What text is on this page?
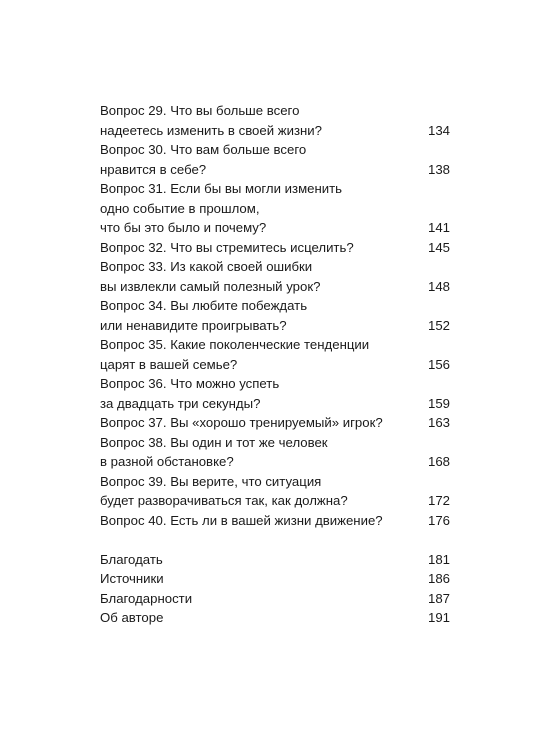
Вопрос 29. Что вы больше всего
надеетесь изменить в своей жизни?	134
Вопрос 30. Что вам больше всего
нравится в себе?	138
Вопрос 31. Если бы вы могли изменить
одно событие в прошлом,
что бы это было и почему?	141
Вопрос 32. Что вы стремитесь исцелить?	145
Вопрос 33. Из какой своей ошибки
вы извлекли самый полезный урок?	148
Вопрос 34. Вы любите побеждать
или ненавидите проигрывать?	152
Вопрос 35. Какие поколенческие тенденции
царят в вашей семье?	156
Вопрос 36. Что можно успеть
за двадцать три секунды?	159
Вопрос 37. Вы «хорошо тренируемый» игрок?	163
Вопрос 38. Вы один и тот же человек
в разной обстановке?	168
Вопрос 39. Вы верите, что ситуация
будет разворачиваться так, как должна?	172
Вопрос 40. Есть ли в вашей жизни движение?	176
Благодать	181
Источники	186
Благодарности	187
Об авторе	191
